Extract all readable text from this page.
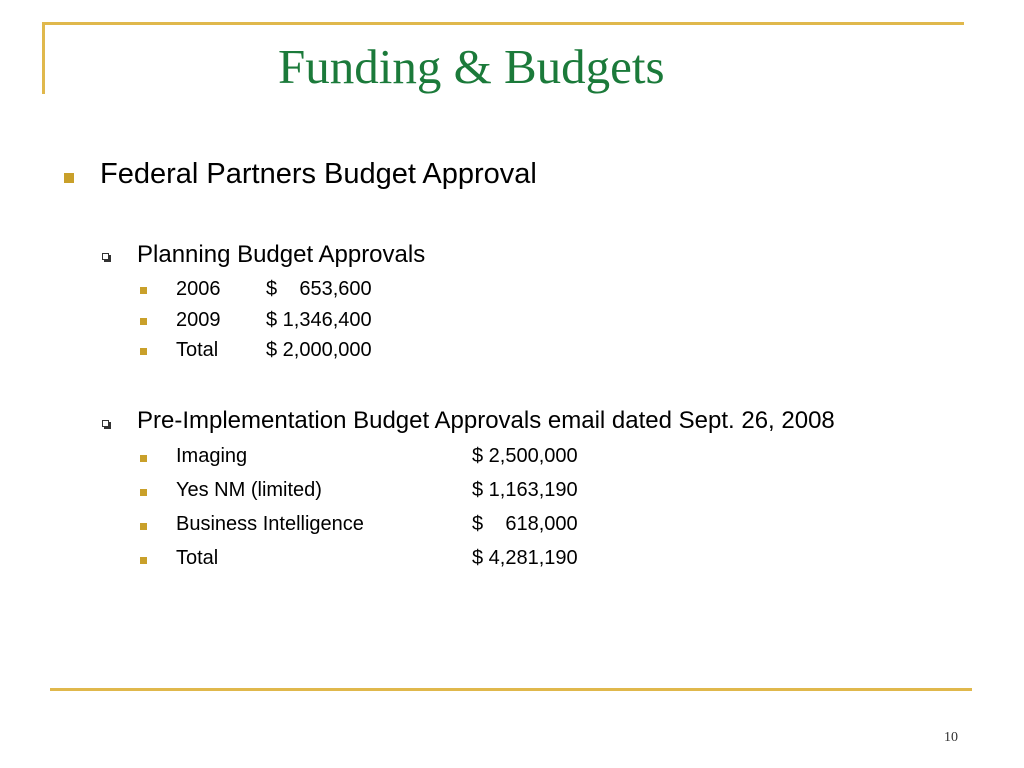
Funding & Budgets
Federal Partners Budget Approval
Planning Budget Approvals
2006 $    653,600
2009 $ 1,346,400
Total $ 2,000,000
Pre-Implementation Budget Approvals email dated Sept. 26, 2008
Imaging	$ 2,500,000
Yes NM (limited)	$ 1,163,190
Business Intelligence	$    618,000
Total	$ 4,281,190
10
